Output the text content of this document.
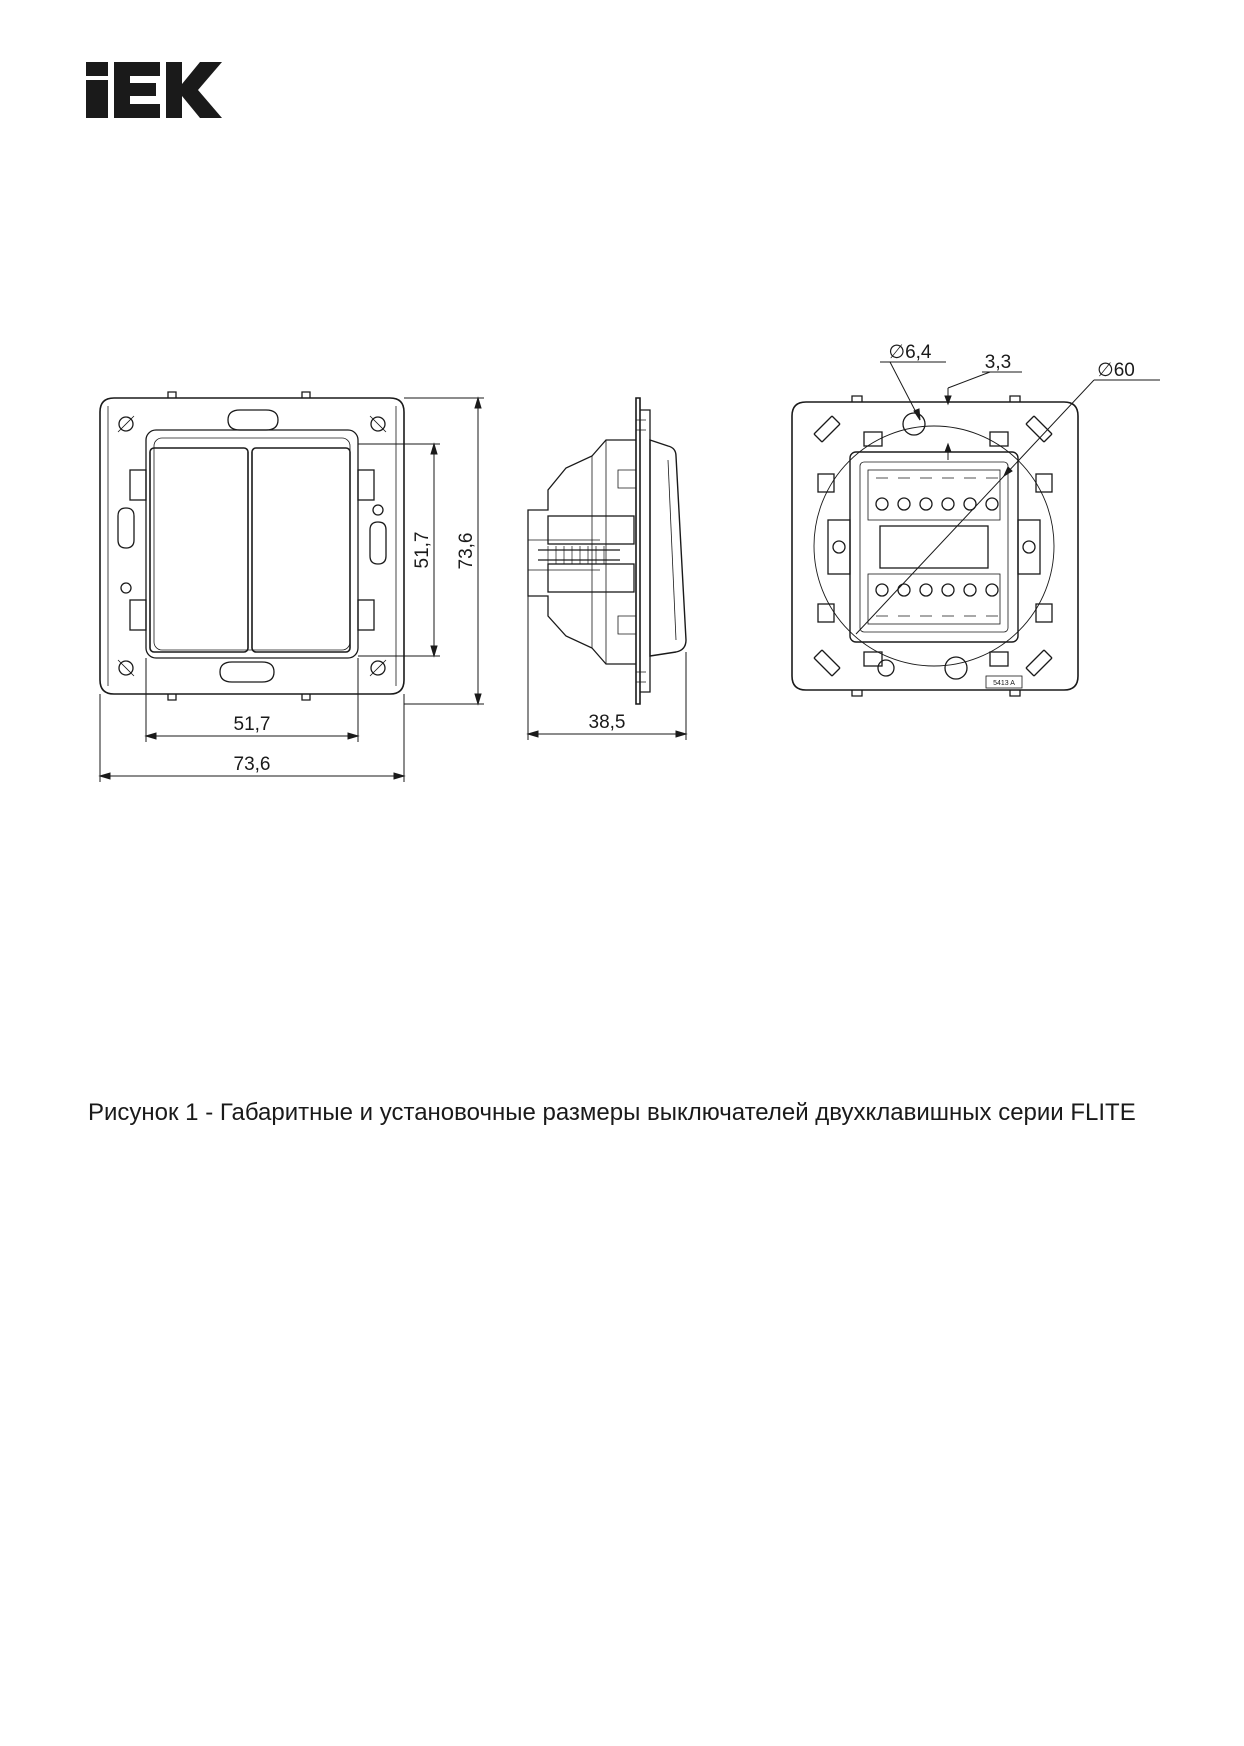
51,7
73,6
51,7 73,6
38,5
5413 A
∅6,4	3,3	∅60
Рисунок 1 - Габаритные и установочные размеры выключателей двухклавишных серии FLITE
